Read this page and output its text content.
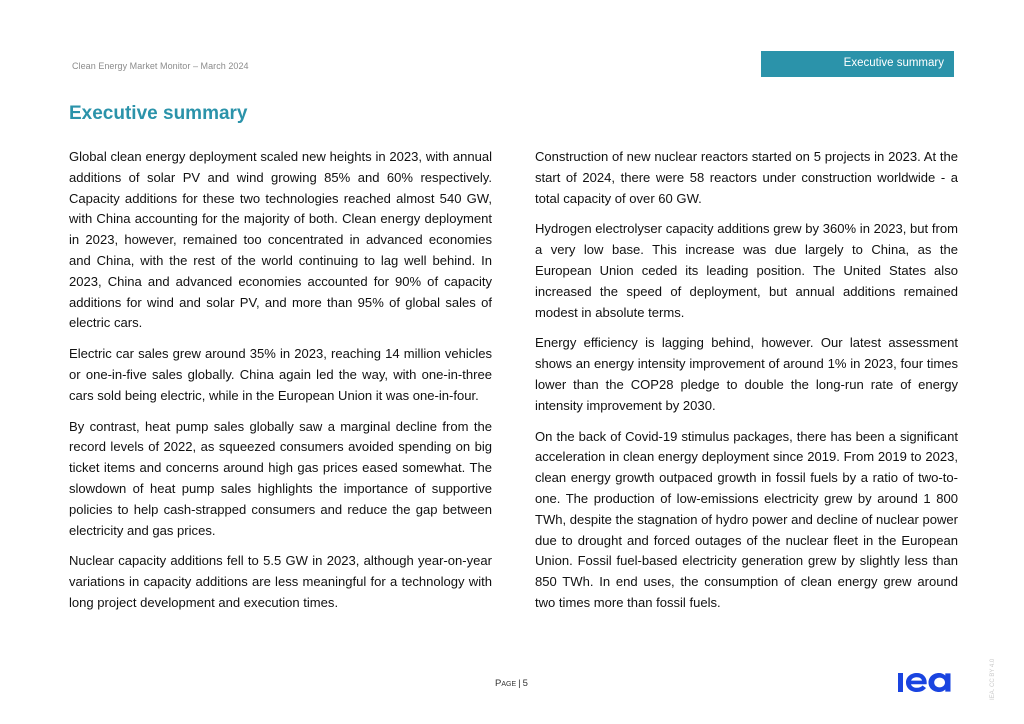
Clean Energy Market Monitor – March 2024	Executive summary
Executive summary

Global clean energy deployment scaled new heights in 2023, with annual additions of solar PV and wind growing 85% and 60% respectively. Capacity additions for these two technologies reached almost 540 GW, with China accounting for the majority of both. Clean energy deployment in 2023, however, remained too concentrated in advanced economies and China, with the rest of the world continuing to lag well behind. In 2023, China and advanced economies accounted for 90% of capacity additions for wind and solar PV, and more than 95% of global sales of electric cars.

Electric car sales grew around 35% in 2023, reaching 14 million vehicles or one-in-five sales globally. China again led the way, with one-in-three cars sold being electric, while in the European Union it was one-in-four.

By contrast, heat pump sales globally saw a marginal decline from the record levels of 2022, as squeezed consumers avoided spending on big ticket items and concerns around high gas prices eased somewhat. The slowdown of heat pump sales highlights the importance of supportive policies to help cash-strapped consumers and reduce the gap between electricity and gas prices.

Nuclear capacity additions fell to 5.5 GW in 2023, although year-on-year variations in capacity additions are less meaningful for a technology with long project development and execution times.

Construction of new nuclear reactors started on 5 projects in 2023. At the start of 2024, there were 58 reactors under construction worldwide - a total capacity of over 60 GW.

Hydrogen electrolyser capacity additions grew by 360% in 2023, but from a very low base. This increase was due largely to China, as the European Union ceded its leading position. The United States also increased the speed of deployment, but annual additions remained modest in absolute terms.

Energy efficiency is lagging behind, however. Our latest assessment shows an energy intensity improvement of around 1% in 2023, four times lower than the COP28 pledge to double the long-run rate of energy intensity improvement by 2030.

On the back of Covid-19 stimulus packages, there has been a significant acceleration in clean energy deployment since 2019. From 2019 to 2023, clean energy growth outpaced growth in fossil fuels by a ratio of two-to-one. The production of low-emissions electricity grew by around 1 800 TWh, despite the stagnation of hydro power and decline of nuclear power due to drought and forced outages of the nuclear fleet in the European Union. Fossil fuel-based electricity generation grew by slightly less than 850 TWh. In end uses, the consumption of clean energy grew around two times more than fossil fuels.

Page | 5	IEA. CC BY 4.0
